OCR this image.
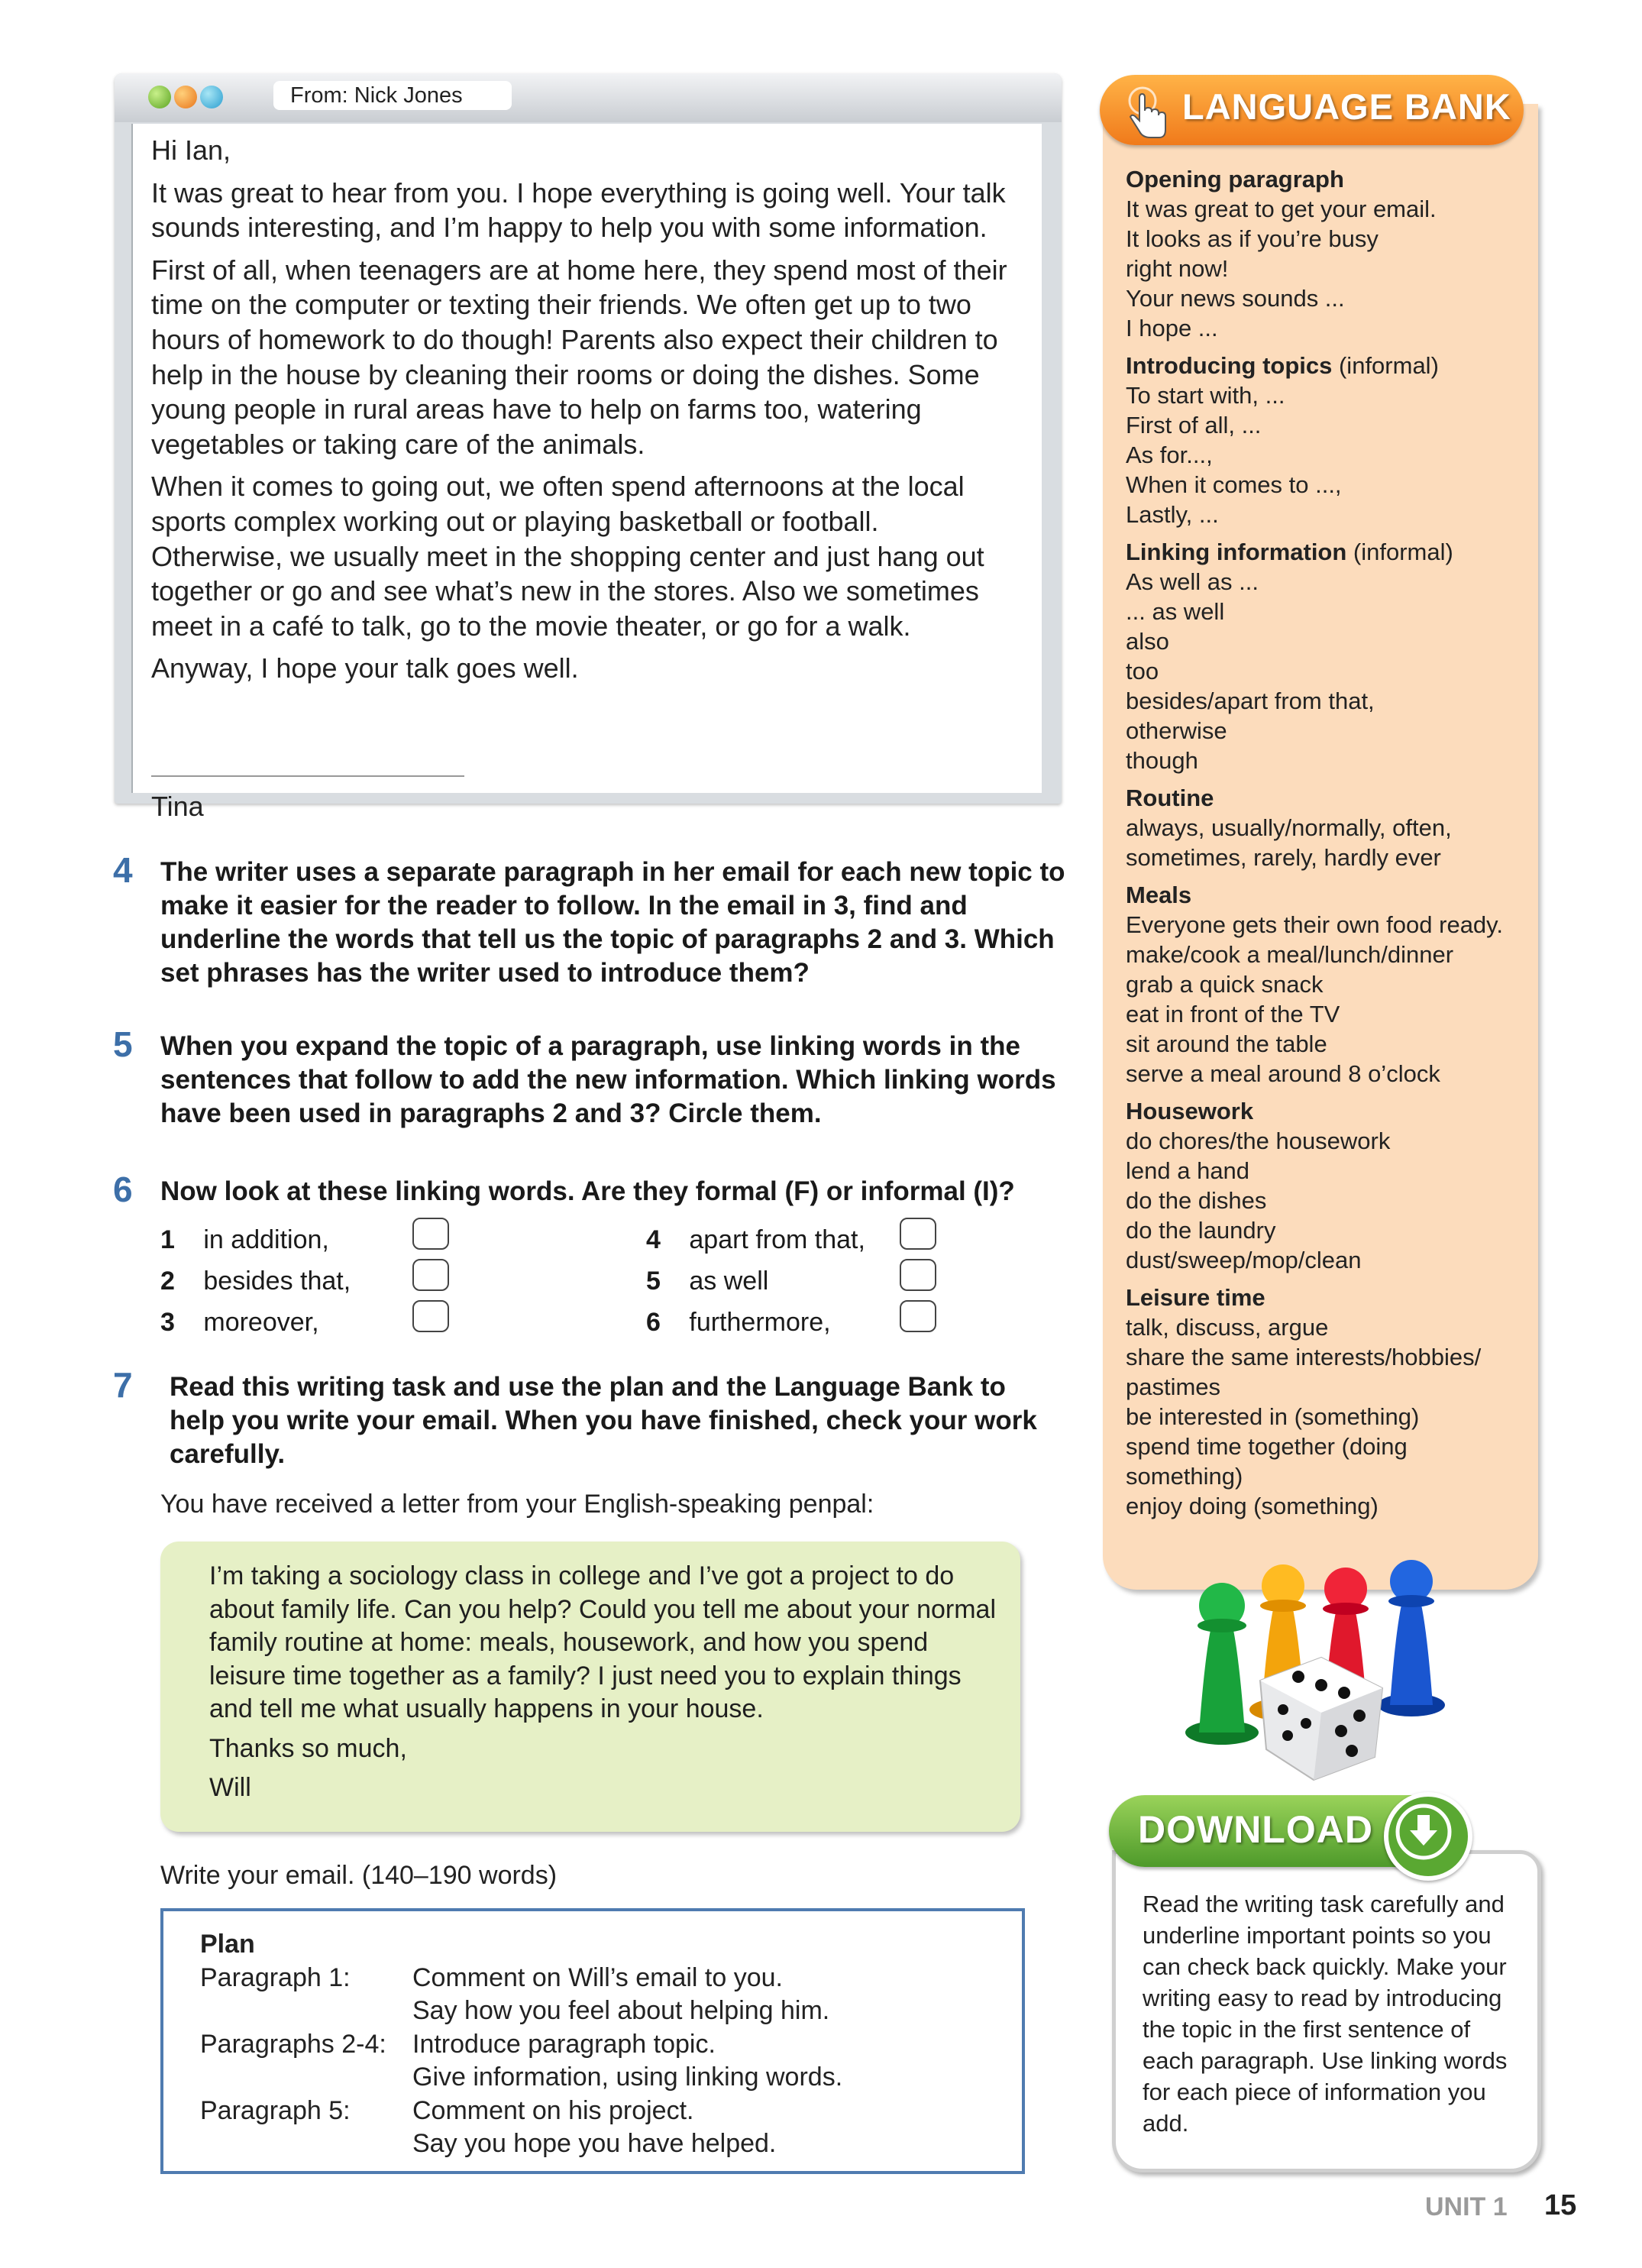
From: Nick Jones

Hi Ian,

It was great to hear from you. I hope everything is going well. Your talk sounds interesting, and I’m happy to help you with some information.

First of all, when teenagers are at home here, they spend most of their time on the computer or texting their friends. We often get up to two hours of homework to do though! Parents also expect their children to help in the house by cleaning their rooms or doing the dishes. Some young people in rural areas have to help on farms too, watering vegetables or taking care of the animals.

When it comes to going out, we often spend afternoons at the local sports complex working out or playing basketball or football. Otherwise, we usually meet in the shopping center and just hang out together or go and see what’s new in the stores. Also we sometimes meet in a café to talk, go to the movie theater, or go for a walk.

Anyway, I hope your talk goes well.

Tina
4 The writer uses a separate paragraph in her email for each new topic to make it easier for the reader to follow. In the email in 3, find and underline the words that tell us the topic of paragraphs 2 and 3. Which set phrases has the writer used to introduce them?

5 When you expand the topic of a paragraph, use linking words in the sentences that follow to add the new information. Which linking words have been used in paragraphs 2 and 3? Circle them.

6 Now look at these linking words. Are they formal (F) or informal (I)?

1 in addition,
2 besides that,
3 moreover,
4 apart from that,
5 as well
6 furthermore,
7 Read this writing task and use the plan and the Language Bank to help you write your email. When you have finished, check your work carefully.

You have received a letter from your English-speaking penpal:

I’m taking a sociology class in college and I’ve got a project to do about family life. Can you help? Could you tell me about your normal family routine at home: meals, housework, and how you spend leisure time together as a family? I just need you to explain things and tell me what usually happens in your house.

Thanks so much,

Will

Write your email. (140–190 words)
Plan
Paragraph 1:	Comment on Will’s email to you.
Say how you feel about helping him.
Paragraphs 2-4:	Introduce paragraph topic.
Give information, using linking words.
Paragraph 5:	Comment on his project.
Say you hope you have helped.
LANGUAGE BANK
Opening paragraph
It was great to get your email.
It looks as if you’re busy
right now!
Your news sounds ...
I hope ...
Introducing topics (informal)
To start with, ...
First of all, ...
As for...,
When it comes to ...,
Lastly, ...
Linking information (informal)
As well as ...
... as well
also
too
besides/apart from that,
otherwise
though
Routine
always, usually/normally, often,
sometimes, rarely, hardly ever
Meals
Everyone gets their own food ready.
make/cook a meal/lunch/dinner
grab a quick snack
eat in front of the TV
sit around the table
serve a meal around 8 o’clock
Housework
do chores/the housework
lend a hand
do the dishes
do the laundry
dust/sweep/mop/clean
Leisure time
talk, discuss, argue
share the same interests/hobbies/
pastimes
be interested in (something)
spend time together (doing
something)
enjoy doing (something)
DOWNLOAD
Read the writing task carefully and underline important points so you can check back quickly. Make your writing easy to read by introducing the topic in the first sentence of each paragraph. Use linking words for each piece of information you add.
UNIT 1 15
